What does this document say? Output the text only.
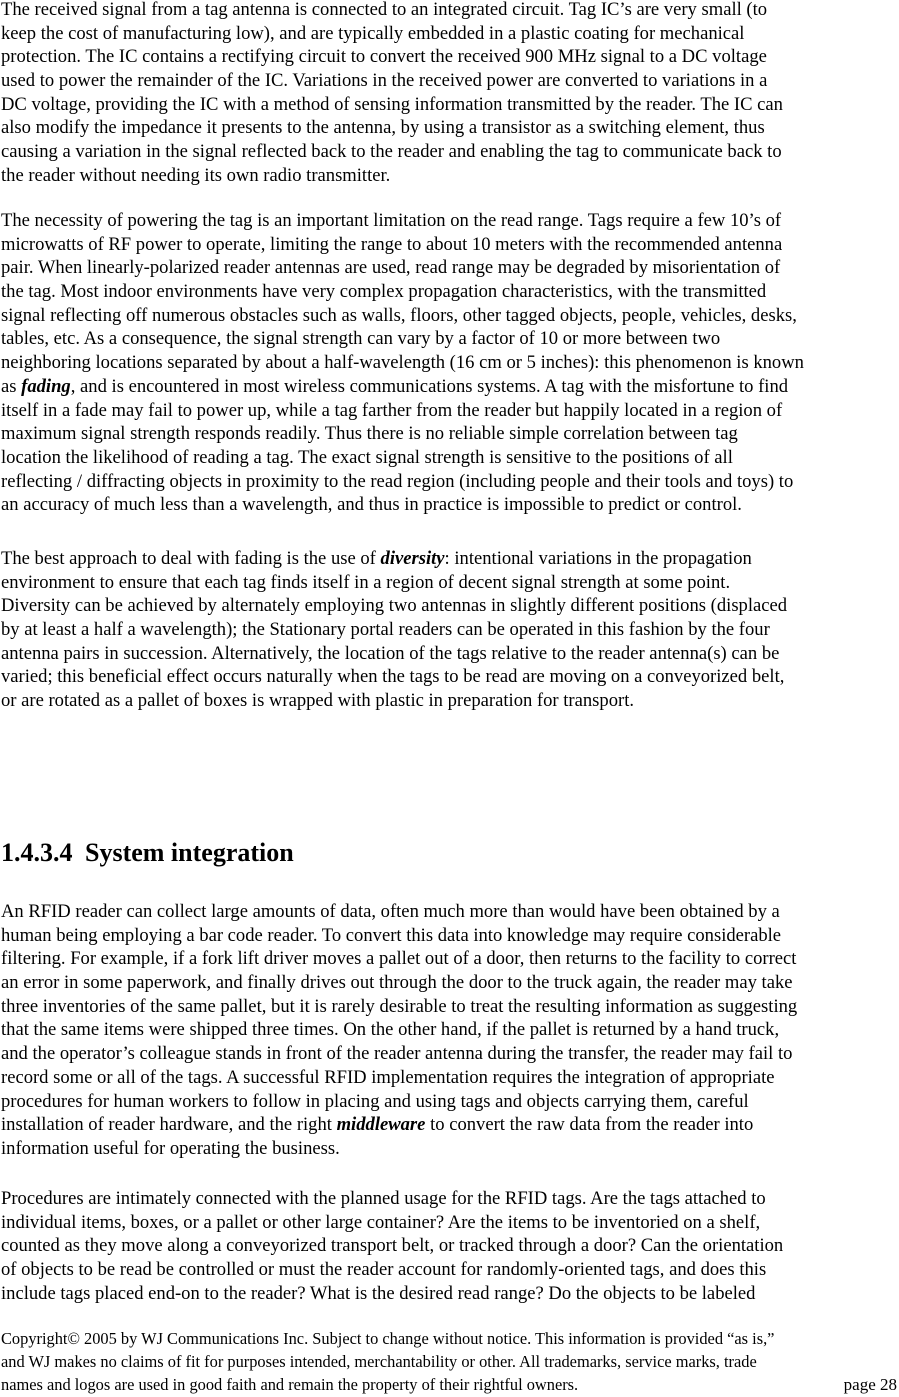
The received signal from a tag antenna is connected to an integrated circuit. Tag IC’s are very small (to
keep the cost of manufacturing low), and are typically embedded in a plastic coating for mechanical
protection. The IC contains a rectifying circuit to convert the received 900 MHz signal to a DC voltage
used to power the remainder of the IC. Variations in the received power are converted to variations in a
DC voltage, providing the IC with a method of sensing information transmitted by the reader. The IC can
also modify the impedance it presents to the antenna, by using a transistor as a switching element, thus
causing a variation in the signal reflected back to the reader and enabling the tag to communicate back to
the reader without needing its own radio transmitter.
The necessity of powering the tag is an important limitation on the read range. Tags require a few 10’s of
microwatts of RF power to operate, limiting the range to about 10 meters with the recommended antenna
pair. When linearly-polarized reader antennas are used, read range may be degraded by misorientation of
the tag. Most indoor environments have very complex propagation characteristics, with the transmitted
signal reflecting off numerous obstacles such as walls, floors, other tagged objects, people, vehicles, desks,
tables, etc. As a consequence, the signal strength can vary by a factor of 10 or more between two
neighboring locations separated by about a half-wavelength (16 cm or 5 inches): this phenomenon is known
as fading, and is encountered in most wireless communications systems. A tag with the misfortune to find
itself in a fade may fail to power up, while a tag farther from the reader but happily located in a region of
maximum signal strength responds readily. Thus there is no reliable simple correlation between tag
location the likelihood of reading a tag. The exact signal strength is sensitive to the positions of all
reflecting / diffracting objects in proximity to the read region (including people and their tools and toys) to
an accuracy of much less than a wavelength, and thus in practice is impossible to predict or control.
The best approach to deal with fading is the use of diversity: intentional variations in the propagation
environment to ensure that each tag finds itself in a region of decent signal strength at some point.
Diversity can be achieved by alternately employing two antennas in slightly different positions (displaced
by at least a half a wavelength); the Stationary portal readers can be operated in this fashion by the four
antenna pairs in succession. Alternatively, the location of the tags relative to the reader antenna(s) can be
varied; this beneficial effect occurs naturally when the tags to be read are moving on a conveyorized belt,
or are rotated as a pallet of boxes is wrapped with plastic in preparation for transport.
1.4.3.4 System integration
An RFID reader can collect large amounts of data, often much more than would have been obtained by a
human being employing a bar code reader. To convert this data into knowledge may require considerable
filtering. For example, if a fork lift driver moves a pallet out of a door, then returns to the facility to correct
an error in some paperwork, and finally drives out through the door to the truck again, the reader may take
three inventories of the same pallet, but it is rarely desirable to treat the resulting information as suggesting
that the same items were shipped three times. On the other hand, if the pallet is returned by a hand truck,
and the operator’s colleague stands in front of the reader antenna during the transfer, the reader may fail to
record some or all of the tags. A successful RFID implementation requires the integration of appropriate
procedures for human workers to follow in placing and using tags and objects carrying them, careful
installation of reader hardware, and the right middleware to convert the raw data from the reader into
information useful for operating the business.
Procedures are intimately connected with the planned usage for the RFID tags. Are the tags attached to
individual items, boxes, or a pallet or other large container? Are the items to be inventoried on a shelf,
counted as they move along a conveyorized transport belt, or tracked through a door? Can the orientation
of objects to be read be controlled or must the reader account for randomly-oriented tags, and does this
include tags placed end-on to the reader? What is the desired read range? Do the objects to be labeled
Copyright© 2005 by WJ Communications Inc. Subject to change without notice. This information is provided “as is,”
and WJ makes no claims of fit for purposes intended, merchantability or other. All trademarks, service marks, trade
names and logos are used in good faith and remain the property of their rightful owners.	page 28
